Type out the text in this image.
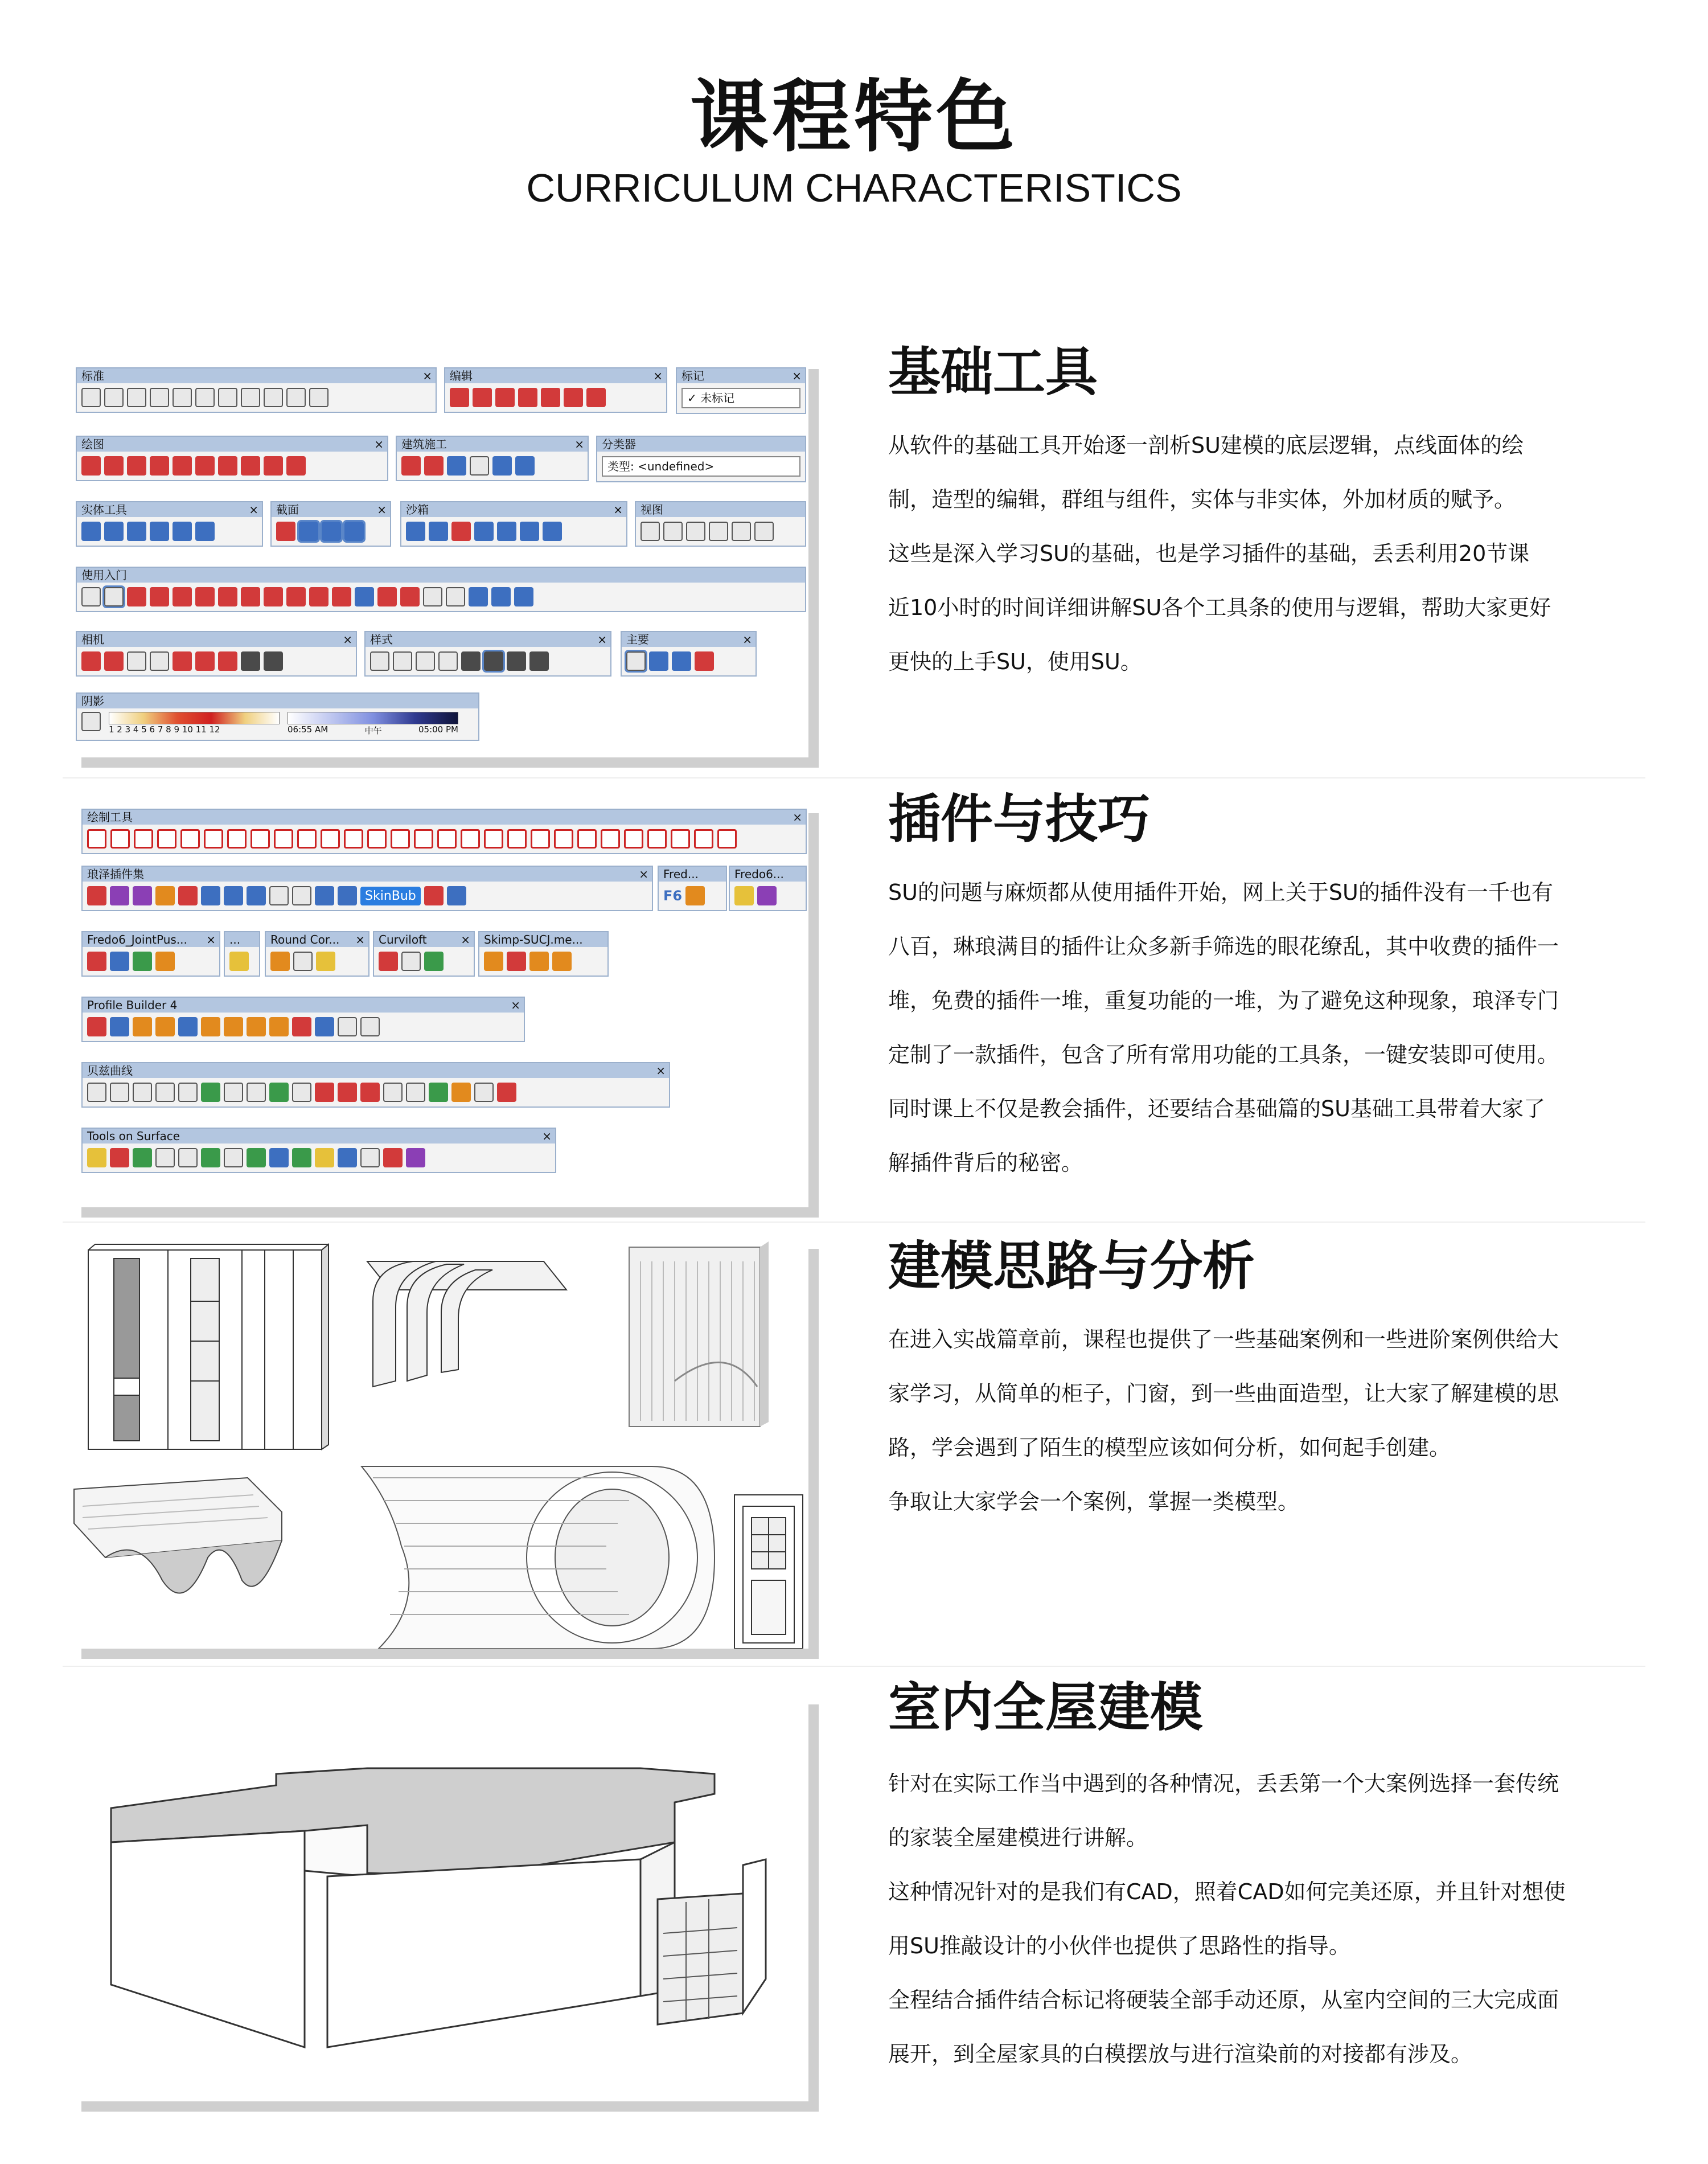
课程特色
CURRICULUM CHARACTERISTICS
标准	×	编辑	×	标记	×
✓ 未标记
绘图	×	建筑施工	×	分类器
类型: <undefined>
实体工具	×	截面	×	沙箱	×	视图
使用入门
相机	×	样式	×	主要	×
阴影
1 2 3 4 5 6 7 8 9 10 11 12	06:55 AM	中午	05:00 PM
基础工具

从软件的基础工具开始逐一剖析SU建模的底层逻辑，点线面体的绘

制，造型的编辑，群组与组件，实体与非实体，外加材质的赋予。

这些是深入学习SU的基础，也是学习插件的基础，丢丢利用20节课

近10小时的时间详细讲解SU各个工具条的使用与逻辑，帮助大家更好

更快的上手SU，使用SU。

绘制工具	×
琅泽插件集	×
SkinBub
Fred...
F6
Fredo6...
Fredo6_JointPus... ×	...	Round Cor... ×	Curviloft	×	Skimp-SUCJ.me...
Profile Builder 4	×
贝兹曲线	×
Tools on Surface	×
插件与技巧

SU的问题与麻烦都从使用插件开始，网上关于SU的插件没有一千也有

八百，琳琅满目的插件让众多新手筛选的眼花缭乱，其中收费的插件一

堆，免费的插件一堆，重复功能的一堆，为了避免这种现象，琅泽专门

定制了一款插件，包含了所有常用功能的工具条，一键安装即可使用。

同时课上不仅是教会插件，还要结合基础篇的SU基础工具带着大家了

解插件背后的秘密。

建模思路与分析

在进入实战篇章前，课程也提供了一些基础案例和一些进阶案例供给大

家学习，从简单的柜子，门窗，到一些曲面造型，让大家了解建模的思

路，学会遇到了陌生的模型应该如何分析，如何起手创建。

争取让大家学会一个案例，掌握一类模型。

室内全屋建模

针对在实际工作当中遇到的各种情况，丢丢第一个大案例选择一套传统

的家装全屋建模进行讲解。

这种情况针对的是我们有CAD，照着CAD如何完美还原，并且针对想使

用SU推敲设计的小伙伴也提供了思路性的指导。

全程结合插件结合标记将硬装全部手动还原，从室内空间的三大完成面

展开，到全屋家具的白模摆放与进行渲染前的对接都有涉及。
